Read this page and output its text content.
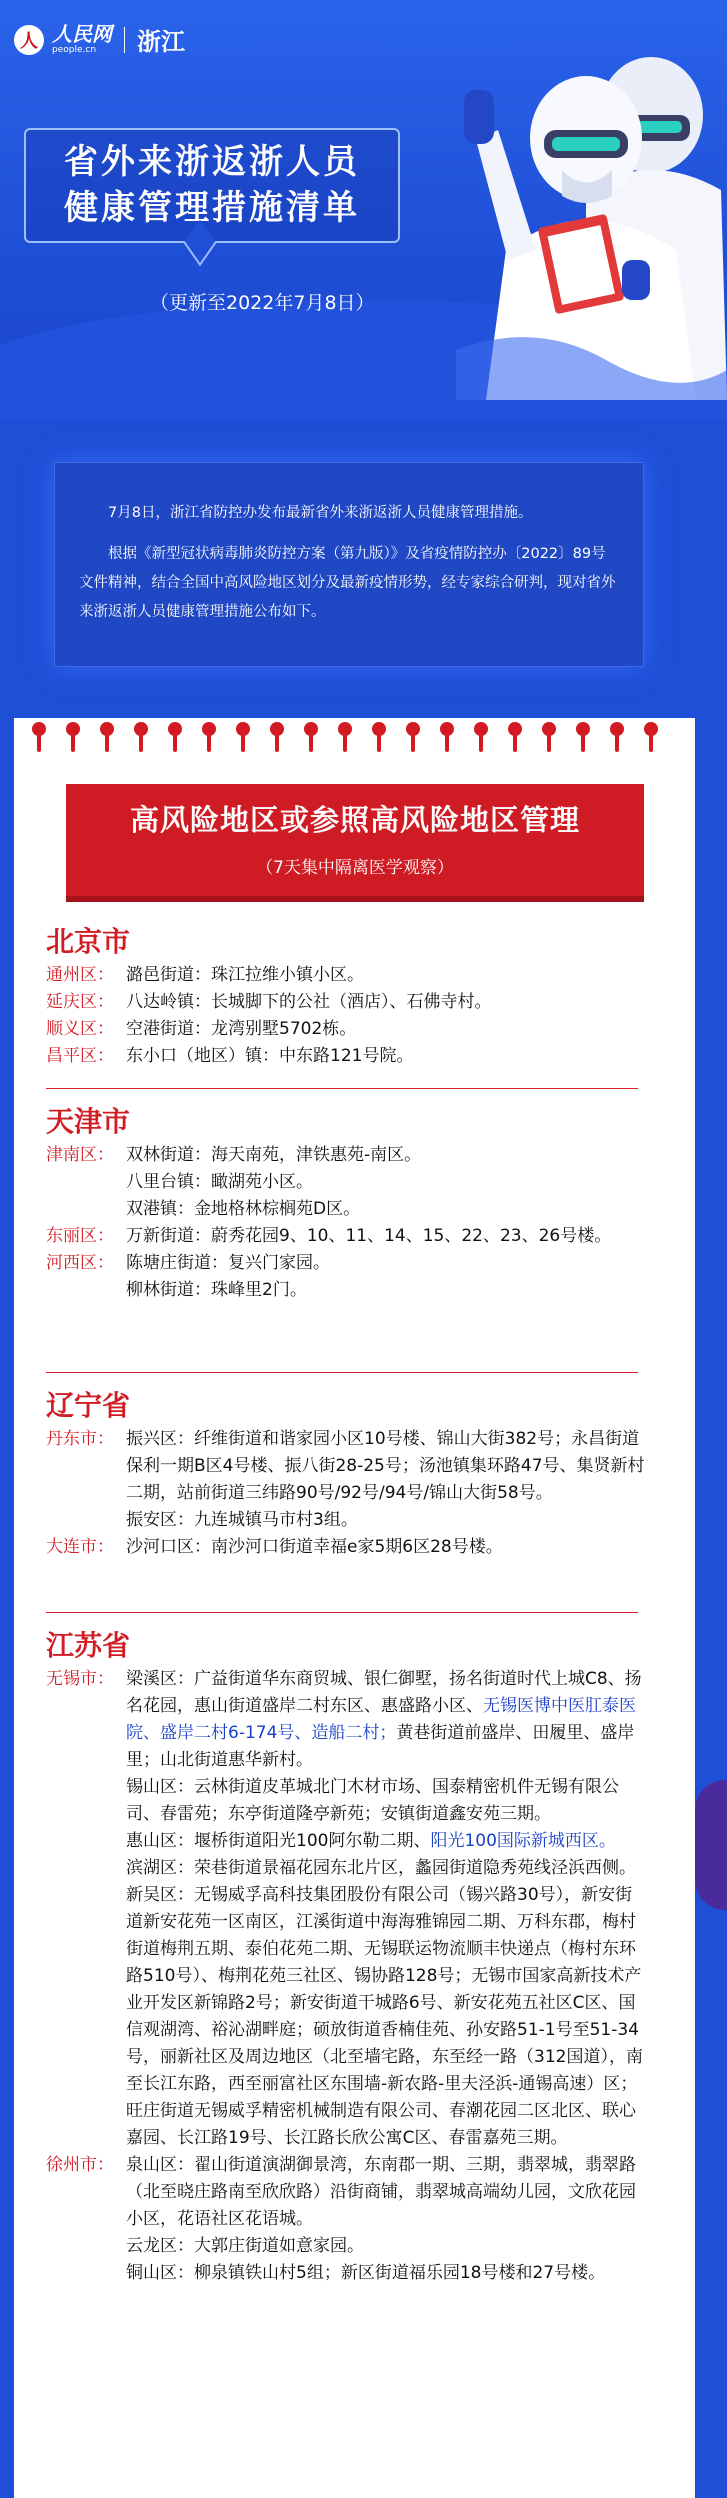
人 人民网
people.cn	浙江
省外来浙返浙人员
健康管理措施清单
（更新至2022年7月8日）

7月8日，浙江省防控办发布最新省外来浙返浙人员健康管理措施。

根据《新型冠状病毒肺炎防控方案（第九版）》及省疫情防控办〔2022〕89号文件精神，结合全国中高风险地区划分及最新疫情形势，经专家综合研判，现对省外来浙返浙人员健康管理措施公布如下。

高风险地区或参照高风险地区管理
（7天集中隔离医学观察）
北京市
通州区： 潞邑街道：珠江拉维小镇小区。
延庆区： 八达岭镇：长城脚下的公社（酒店）、石佛寺村。
顺义区： 空港街道：龙湾别墅5702栋。
昌平区： 东小口（地区）镇：中东路121号院。
天津市
津南区： 双林街道：海天南苑，津铁惠苑-南区。
八里台镇：瞰湖苑小区。
双港镇：金地格林棕榈苑D区。
东丽区： 万新街道：蔚秀花园9、10、11、14、15、22、23、26号楼。
河西区： 陈塘庄街道：复兴门家园。
柳林街道：珠峰里2门。
辽宁省
丹东市： 振兴区：纤维街道和谐家园小区10号楼、锦山大街382号；永昌街道保利一期B区4号楼、振八街28-25号；汤池镇集环路47号、集贤新村二期，站前街道三纬路90号/92号/94号/锦山大街58号。
振安区：九连城镇马市村3组。
大连市： 沙河口区：南沙河口街道幸福e家5期6区28号楼。
江苏省
无锡市： 梁溪区：广益街道华东商贸城、银仁御墅，扬名街道时代上城C8、扬名花园，惠山街道盛岸二村东区、惠盛路小区、无锡医博中医肛泰医院、盛岸二村6-174号、造船二村；黄巷街道前盛岸、田履里、盛岸里；山北街道惠华新村。
锡山区：云林街道皮革城北门木材市场、国泰精密机件无锡有限公司、春雷苑；东亭街道隆亭新苑；安镇街道鑫安苑三期。
惠山区：堰桥街道阳光100阿尔勒二期、阳光100国际新城西区。
滨湖区：荣巷街道景福花园东北片区，蠡园街道隐秀苑线泾浜西侧。
新吴区：无锡威孚高科技集团股份有限公司（锡兴路30号），新安街道新安花苑一区南区，江溪街道中海海雅锦园二期、万科东郡，梅村街道梅荆五期、泰伯花苑二期、无锡联运物流顺丰快递点（梅村东环路510号）、梅荆花苑三社区、锡协路128号；无锡市国家高新技术产业开发区新锦路2号；新安街道干城路6号、新安花苑五社区C区、国信观湖湾、裕沁湖畔庭；硕放街道香楠佳苑、孙安路51-1号至51-34号，丽新社区及周边地区（北至墙宅路，东至经一路（312国道），南至长江东路，西至丽富社区东围墙-新农路-里夫泾浜-通锡高速）区；旺庄街道无锡威孚精密机械制造有限公司、春潮花园二区北区、联心嘉园、长江路19号、长江路长欣公寓C区、春雷嘉苑三期。
徐州市： 泉山区：翟山街道演湖御景湾，东南郡一期、三期，翡翠城，翡翠路（北至晓庄路南至欣欣路）沿街商铺，翡翠城高端幼儿园，文欣花园小区，花语社区花语城。
云龙区：大郭庄街道如意家园。
铜山区：柳泉镇铁山村5组；新区街道福乐园18号楼和27号楼。
